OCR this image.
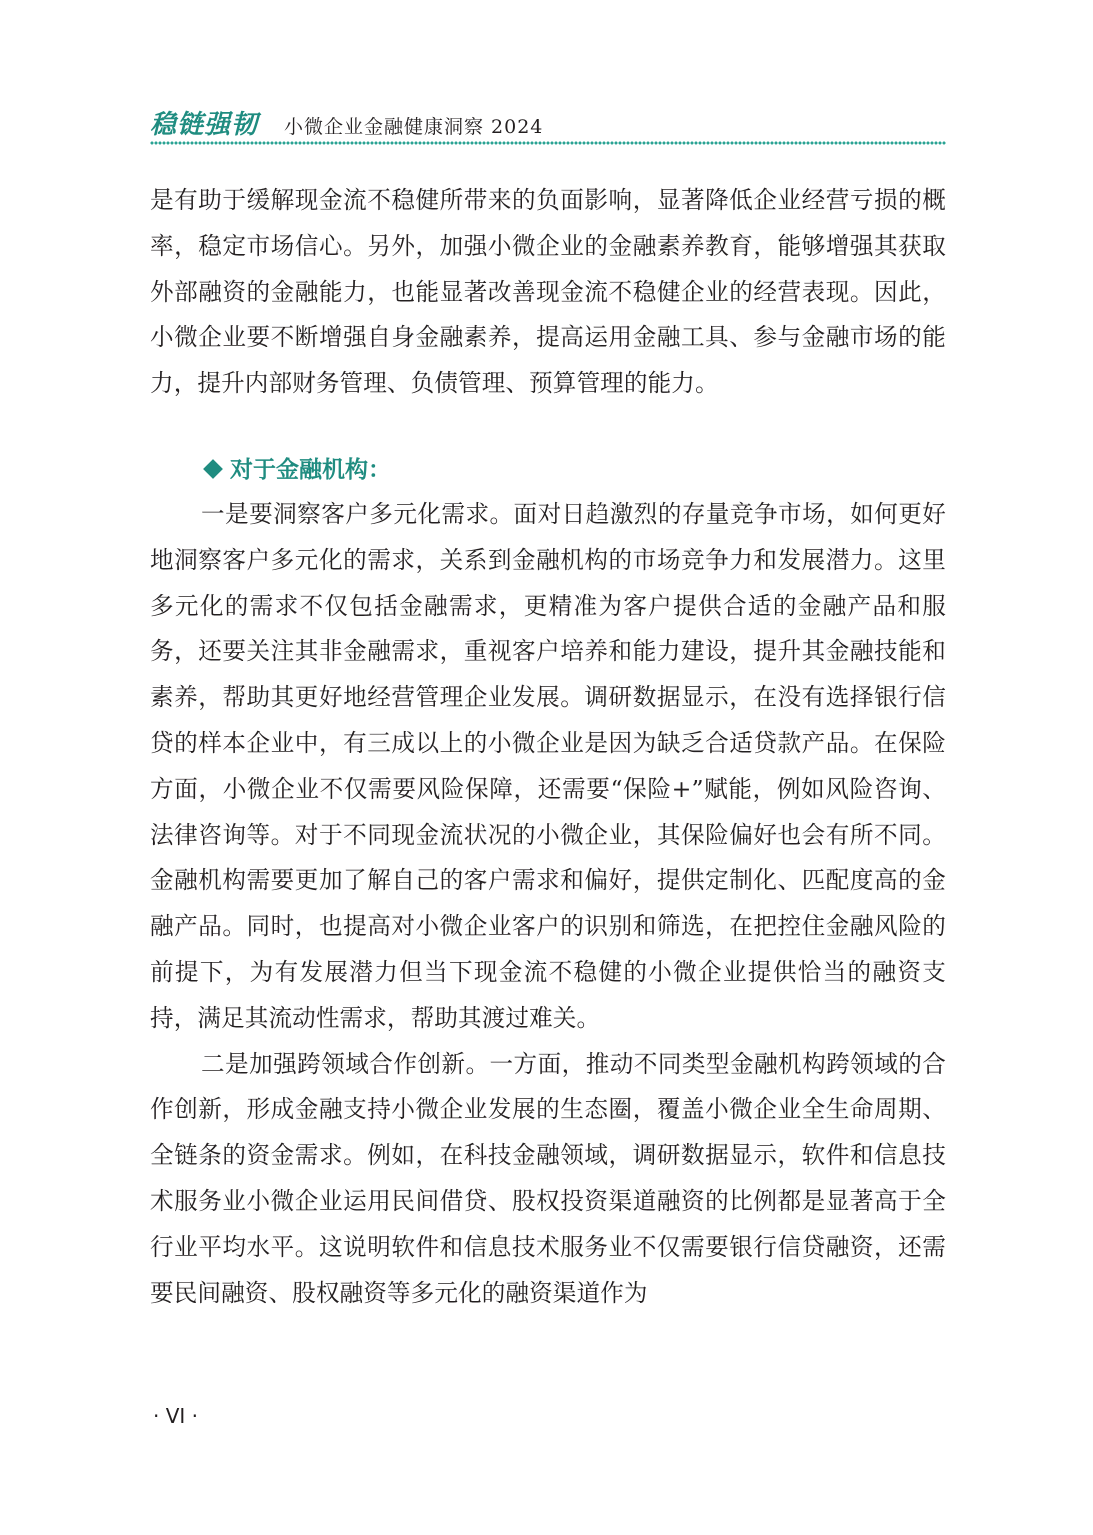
稳链强韧 小微企业金融健康洞察 2024

是有助于缓解现金流不稳健所带来的负面影响，显著降低企业经营亏损的概率，稳定市场信心。另外，加强小微企业的金融素养教育，能够增强其获取外部融资的金融能力，也能显著改善现金流不稳健企业的经营表现。因此，小微企业要不断增强自身金融素养，提高运用金融工具、参与金融市场的能力，提升内部财务管理、负债管理、预算管理的能力。

对于金融机构：

一是要洞察客户多元化需求。面对日趋激烈的存量竞争市场，如何更好地洞察客户多元化的需求，关系到金融机构的市场竞争力和发展潜力。这里多元化的需求不仅包括金融需求，更精准为客户提供合适的金融产品和服务，还要关注其非金融需求，重视客户培养和能力建设，提升其金融技能和素养，帮助其更好地经营管理企业发展。调研数据显示，在没有选择银行信贷的样本企业中，有三成以上的小微企业是因为缺乏合适贷款产品。在保险方面，小微企业不仅需要风险保障，还需要“保险+”赋能，例如风险咨询、法律咨询等。对于不同现金流状况的小微企业，其保险偏好也会有所不同。金融机构需要更加了解自己的客户需求和偏好，提供定制化、匹配度高的金融产品。同时，也提高对小微企业客户的识别和筛选，在把控住金融风险的前提下，为有发展潜力但当下现金流不稳健的小微企业提供恰当的融资支持，满足其流动性需求，帮助其渡过难关。

二是加强跨领域合作创新。一方面，推动不同类型金融机构跨领域的合作创新，形成金融支持小微企业发展的生态圈，覆盖小微企业全生命周期、全链条的资金需求。例如，在科技金融领域，调研数据显示，软件和信息技术服务业小微企业运用民间借贷、股权投资渠道融资的比例都是显著高于全行业平均水平。这说明软件和信息技术服务业不仅需要银行信贷融资，还需要民间融资、股权融资等多元化的融资渠道作为

· VI ·
